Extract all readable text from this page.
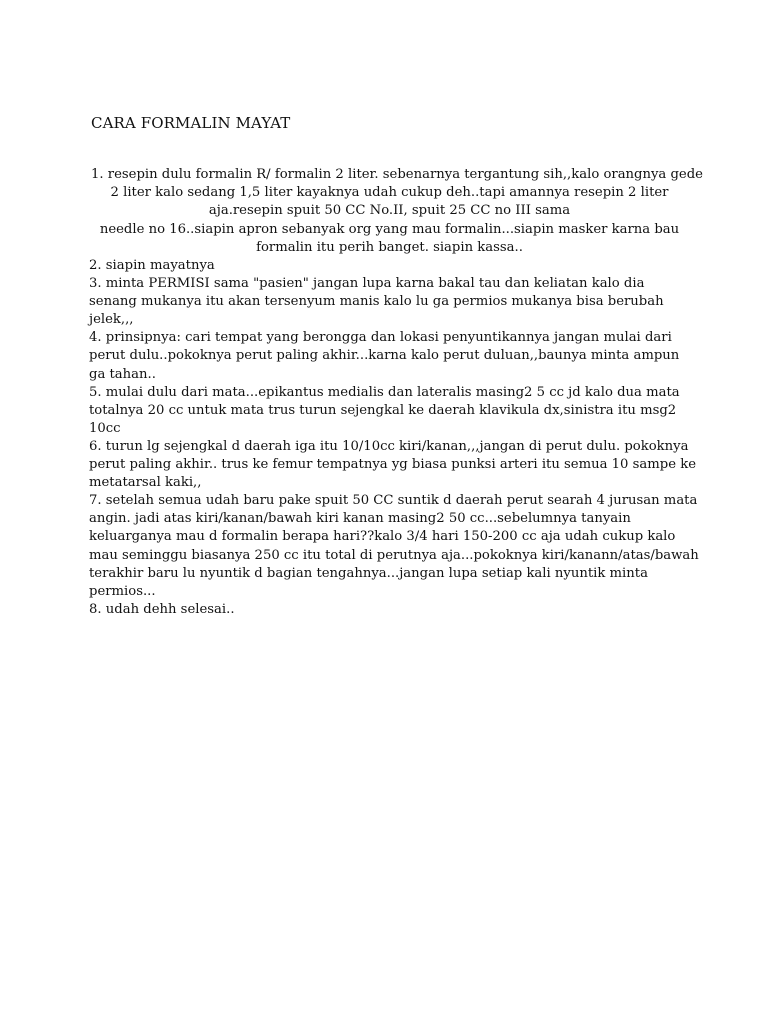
CARA FORMALIN MAYAT
1. resepin dulu formalin R/ formalin 2 liter. sebenarnya tergantung sih,,kalo orangnya gede
2 liter kalo sedang 1,5 liter kayaknya udah cukup deh..tapi amannya resepin 2 liter
aja.resepin spuit 50 CC No.II, spuit 25 CC no III sama
needle no 16..siapin apron sebanyak org yang mau formalin...siapin masker karna bau
formalin itu perih banget. siapin kassa..
2. siapin mayatnya
3. minta PERMISI sama "pasien" jangan lupa karna bakal tau dan keliatan kalo dia
senang mukanya itu akan tersenyum manis kalo lu ga permios mukanya bisa berubah
jelek,,,
4. prinsipnya: cari tempat yang berongga dan lokasi penyuntikannya jangan mulai dari
perut dulu..pokoknya perut paling akhir...karna kalo perut duluan,,baunya minta ampun
ga tahan..
5. mulai dulu dari mata...epikantus medialis dan lateralis masing2 5 cc jd kalo dua mata
totalnya 20 cc untuk mata trus turun sejengkal ke daerah klavikula dx,sinistra itu msg2
10cc
6. turun lg sejengkal d daerah iga itu 10/10cc kiri/kanan,,,jangan di perut dulu. pokoknya
perut paling akhir.. trus ke femur tempatnya yg biasa punksi arteri itu semua 10 sampe ke
metatarsal kaki,,
7. setelah semua udah baru pake spuit 50 CC suntik d daerah perut searah 4 jurusan mata
angin. jadi atas kiri/kanan/bawah kiri kanan masing2 50 cc...sebelumnya tanyain
keluarganya mau d formalin berapa hari??kalo 3/4 hari 150-200 cc aja udah cukup kalo
mau seminggu biasanya 250 cc itu total di perutnya aja...pokoknya kiri/kanann/atas/bawah
terakhir baru lu nyuntik d bagian tengahnya...jangan lupa setiap kali nyuntik minta
permios...
8. udah dehh selesai..
